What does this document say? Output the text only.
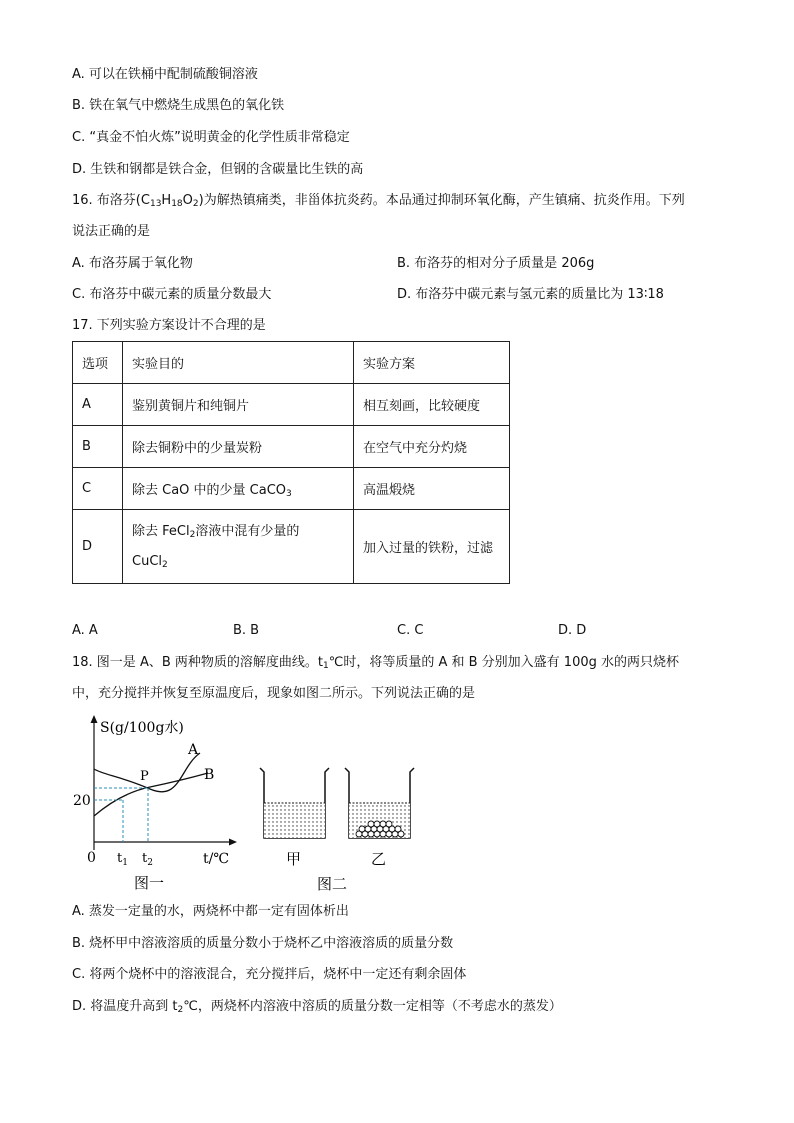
A. 可以在铁桶中配制硫酸铜溶液
B. 铁在氧气中燃烧生成黑色的氧化铁
C. “真金不怕火炼”说明黄金的化学性质非常稳定
D. 生铁和钢都是铁合金，但钢的含碳量比生铁的高
16. 布洛芬$(C_{13}H_{18}O_2)$为解热镇痛类，非甾体抗炎药。本品通过抑制环氧化酶，产生镇痛、抗炎作用。下列
说法正确的是
A. 布洛芬属于氧化物	B. 布洛芬的相对分子质量是 206g
C. 布洛芬中碳元素的质量分数最大	D. 布洛芬中碳元素与氢元素的质量比为 13∶18
17. 下列实验方案设计不合理的是
选项	实验目的	实验方案
A	鉴别黄铜片和纯铜片	相互刻画，比较硬度
B	除去铜粉中的少量炭粉	在空气中充分灼烧
C	除去 CaO 中的少量 CaCO$_3$	高温煅烧
D	除去 FeCl$_2$溶液中混有少量的
CuCl$_2$	加入过量的铁粉，过滤
A. A	B. B	C. C	D. D
18. 图一是 A、B 两种物质的溶解度曲线。$t_1℃$时，将等质量的 A 和 B 分别加入盛有 100g 水的两只烧杯
中，充分搅拌并恢复至原温度后，现象如图二所示。下列说法正确的是
S(g/100g水)
A
B
P
20
0 $t_1$ $t_2$	t/℃
图一
甲	乙
图二
A. 蒸发一定量的水，两烧杯中都一定有固体析出
B. 烧杯甲中溶液溶质的质量分数小于烧杯乙中溶液溶质的质量分数
C. 将两个烧杯中的溶液混合，充分搅拌后，烧杯中一定还有剩余固体
D. 将温度升高到 $t_2℃$，两烧杯内溶液中溶质的质量分数一定相等（不考虑水的蒸发）
